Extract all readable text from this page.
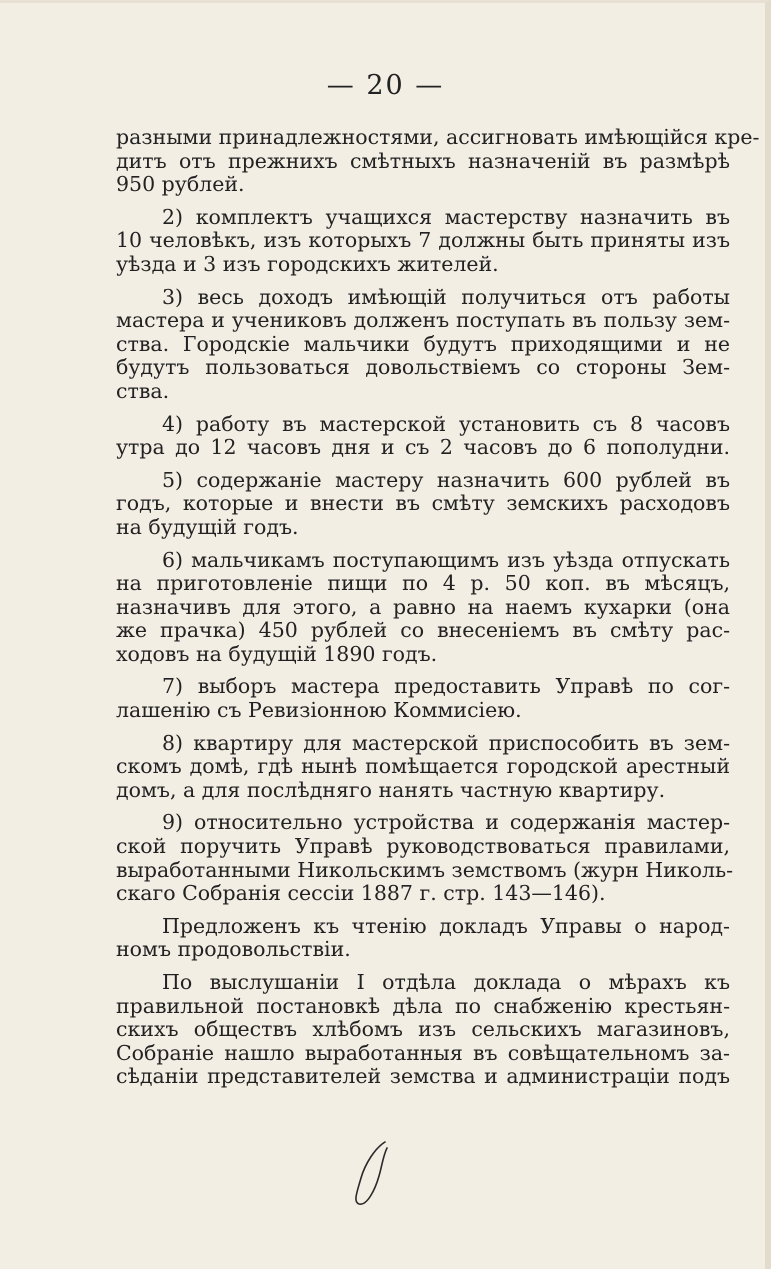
— 20 —
разными принадлежностями, ассигновать имѣющійся кре-
дитъ отъ прежнихъ смѣтныхъ назначеній въ размѣрѣ
950 рублей.
2) комплектъ учащихся мастерству назначить въ
10 человѣкъ, изъ которыхъ 7 должны быть приняты изъ
уѣзда и 3 изъ городскихъ жителей.
3) весь доходъ имѣющій получиться отъ работы
мастера и учениковъ долженъ поступать въ пользу зем-
ства. Городскіе мальчики будутъ приходящими и не
будутъ пользоваться довольствіемъ со стороны Зем-
ства.
4) работу въ мастерской установить съ 8 часовъ
утра до 12 часовъ дня и съ 2 часовъ до 6 пополудни.
5) содержаніе мастеру назначить 600 рублей въ
годъ, которые и внести въ смѣту земскихъ расходовъ
на будущій годъ.
6) мальчикамъ поступающимъ изъ уѣзда отпускать
на приготовленіе пищи по 4 р. 50 коп. въ мѣсяцъ,
назначивъ для этого, а равно на наемъ кухарки (она
же прачка) 450 рублей со внесеніемъ въ смѣту рас-
ходовъ на будущій 1890 годъ.
7) выборъ мастера предоставить Управѣ по сог-
лашенію съ Ревизіонною Коммисіею.
8) квартиру для мастерской приспособить въ зем-
скомъ домѣ, гдѣ нынѣ помѣщается городской арестный
домъ, а для послѣдняго нанять частную квартиру.
9) относительно устройства и содержанія мастер-
ской поручить Управѣ руководствоваться правилами,
выработанными Никольскимъ земствомъ (журн Николь-
скаго Собранія сессіи 1887 г. стр. 143—146).
Предложенъ къ чтенію докладъ Управы о народ-
номъ продовольствіи.
По выслушаніи I отдѣла доклада о мѣрахъ къ
правильной постановкѣ дѣла по снабженію крестьян-
скихъ обществъ хлѣбомъ изъ сельскихъ магазиновъ,
Собраніе нашло выработанныя въ совѣщательномъ за-
сѣданіи представителей земства и администраціи подъ
